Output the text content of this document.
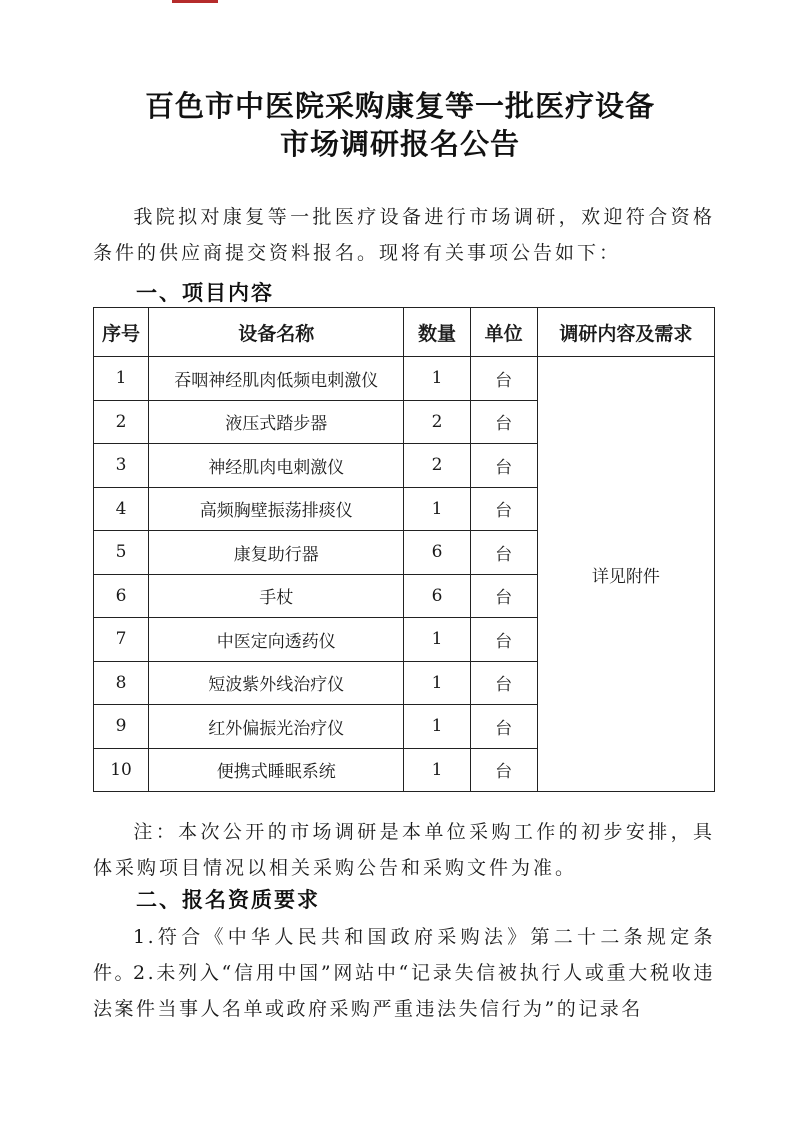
百色市中医院采购康复等一批医疗设备
市场调研报名公告
我院拟对康复等一批医疗设备进行市场调研，欢迎符合资格条件的供应商提交资料报名。现将有关事项公告如下：
一、项目内容
序号	设备名称	数量	单位	调研内容及需求
1	吞咽神经肌肉低频电刺激仪	1	台	详见附件
2	液压式踏步器	2	台	
3	神经肌肉电刺激仪	2	台	
4	高频胸壁振荡排痰仪	1	台	
5	康复助行器	6	台	
6	手杖	6	台	
7	中医定向透药仪	1	台	
8	短波紫外线治疗仪	1	台	
9	红外偏振光治疗仪	1	台	
10	便携式睡眠系统	1	台	
注：本次公开的市场调研是本单位采购工作的初步安排，具体采购项目情况以相关采购公告和采购文件为准。
二、报名资质要求
1.符合《中华人民共和国政府采购法》第二十二条规定条件。
2.未列入“信用中国”网站中“记录失信被执行人或重大税收违法案件当事人名单或政府采购严重违法失信行为”的记录名
